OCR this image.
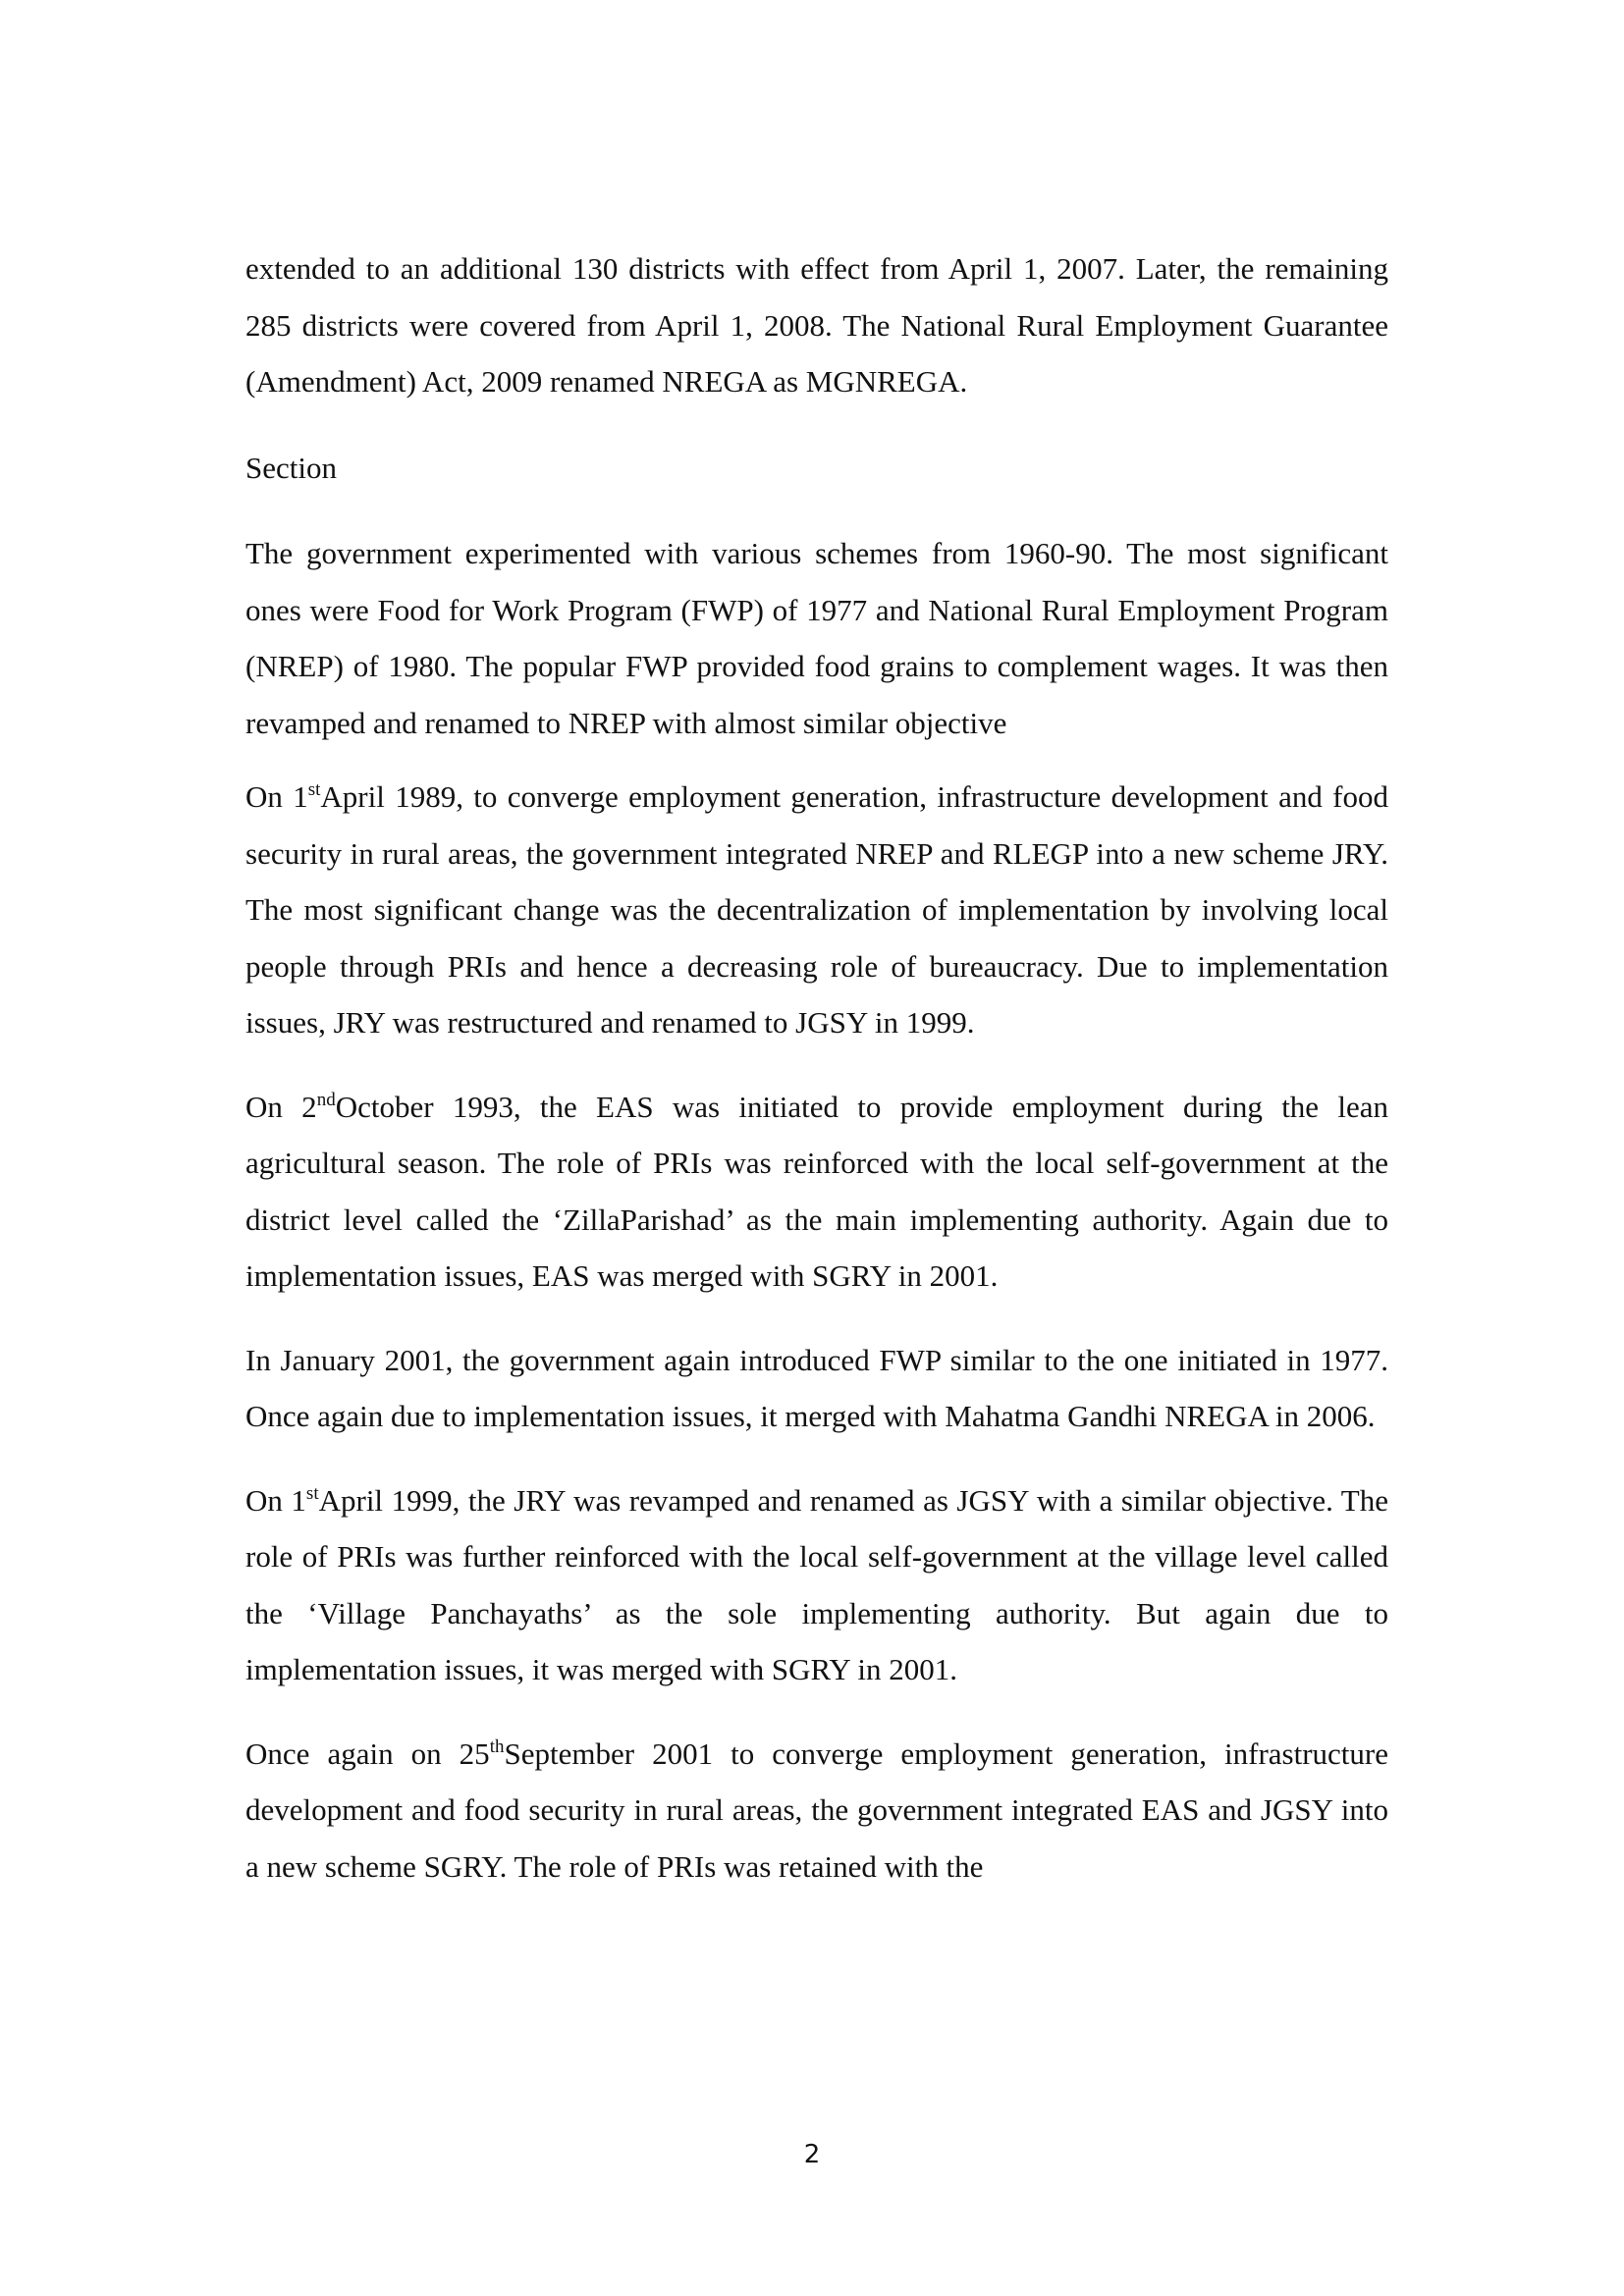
extended to an additional 130 districts with effect from April 1, 2007. Later, the remaining 285 districts were covered from April 1, 2008. The National Rural Employment Guarantee (Amendment) Act, 2009 renamed NREGA as MGNREGA.

Section

The government experimented with various schemes from 1960-90. The most significant ones were Food for Work Program (FWP) of 1977 and National Rural Employment Program (NREP) of 1980. The popular FWP provided food grains to complement wages. It was then revamped and renamed to NREP with almost similar objective

On 1stApril 1989, to converge employment generation, infrastructure development and food security in rural areas, the government integrated NREP and RLEGP into a new scheme JRY. The most significant change was the decentralization of implementation by involving local people through PRIs and hence a decreasing role of bureaucracy. Due to implementation issues, JRY was restructured and renamed to JGSY in 1999.

On 2ndOctober 1993, the EAS was initiated to provide employment during the lean agricultural season. The role of PRIs was reinforced with the local self-government at the district level called the ‘ZillaParishad’ as the main implementing authority. Again due to implementation issues, EAS was merged with SGRY in 2001.

In January 2001, the government again introduced FWP similar to the one initiated in 1977. Once again due to implementation issues, it merged with Mahatma Gandhi NREGA in 2006.

On 1stApril 1999, the JRY was revamped and renamed as JGSY with a similar objective. The role of PRIs was further reinforced with the local self-government at the village level called the ‘Village Panchayaths’ as the sole implementing authority. But again due to implementation issues, it was merged with SGRY in 2001.

Once again on 25thSeptember 2001 to converge employment generation, infrastructure development and food security in rural areas, the government integrated EAS and JGSY into a new scheme SGRY. The role of PRIs was retained with the

2
